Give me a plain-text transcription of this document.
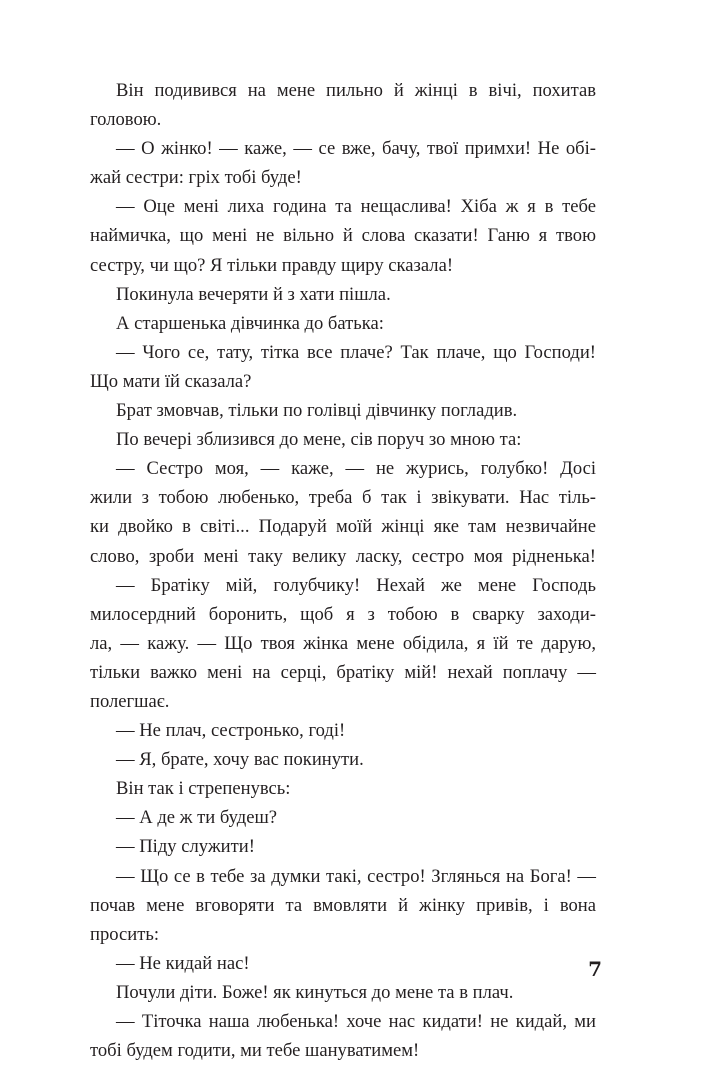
Він подивився на мене пильно й жінці в вічі, похитав
головою.
— О жінко! — каже, — се вже, бачу, твої примхи! Не обі-
жай сестри: гріх тобі буде!
— Оце мені лиха година та нещаслива! Хіба ж я в тебе
наймичка, що мені не вільно й слова сказати! Ганю я твою
сестру, чи що? Я тільки правду щиру сказала!
Покинула вечеряти й з хати пішла.
А старшенька дівчинка до батька:
— Чого се, тату, тітка все плаче? Так плаче, що Господи!
Що мати їй сказала?
Брат змовчав, тільки по голівці дівчинку погладив.
По вечері зблизився до мене, сів поруч зо мною та:
— Сестро моя, — каже, — не журись, голубко! Досі
жили з тобою любенько, треба б так і звікувати. Нас тіль-
ки двойко в світі... Подаруй моїй жінці яке там незвичайне
слово, зроби мені таку велику ласку, сестро моя рідненька!
— Братіку мій, голубчику! Нехай же мене Господь
милосердний боронить, щоб я з тобою в сварку заходи-
ла, — кажу. — Що твоя жінка мене обідила, я їй те дарую,
тільки важко мені на серці, братіку мій! нехай поплачу —
полегшає.
— Не плач, сестронько, годі!
— Я, брате, хочу вас покинути.
Він так і стрепенувсь:
— А де ж ти будеш?
— Піду служити!
— Що се в тебе за думки такі, сестро! Зглянься на Бога! —
почав мене вговоряти та вмовляти й жінку привів, і вона
просить:
— Не кидай нас!
Почули діти. Боже! як кинуться до мене та в плач.
— Тіточка наша любенька! хоче нас кидати! не кидай, ми
тобі будем годити, ми тебе шануватимем!
7
